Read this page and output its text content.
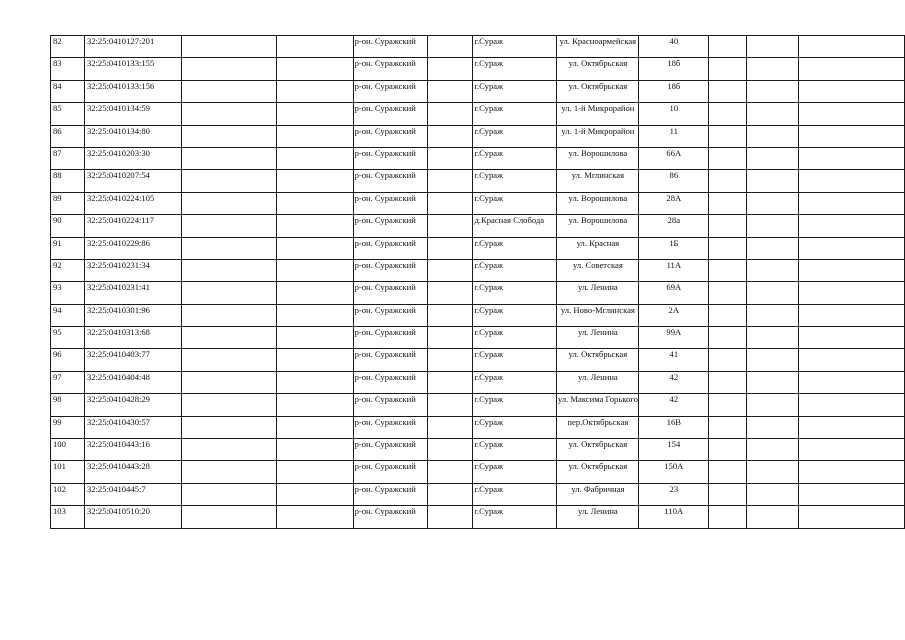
82	32:25:0410127:201			р-он. Суражский		г.Сураж	ул. Красноармейская	40			
83	32:25:0410133:155			р-он. Суражский		г.Сураж	ул. Октябрьская	18б			
84	32:25:0410133:156			р-он. Суражский		г.Сураж	ул. Октябрьская	18б			
85	32:25:0410134:59			р-он. Суражский		г.Сураж	ул. 1-й Микрорайон	10			
86	32:25:0410134:80			р-он. Суражский		г.Сураж	ул. 1-й Микрорайон	11			
87	32:25:0410203:30			р-он. Суражский		г.Сураж	ул. Ворошилова	66А			
88	32:25:0410207:54			р-он. Суражский		г.Сураж	ул. Мглинская	86			
89	32:25:0410224:105			р-он. Суражский		г.Сураж	ул. Ворошилова	28А			
90	32:25:0410224:117			р-он. Суражский		д.Красная Слобода	ул. Ворошилова	28а			
91	32:25:0410229:86			р-он. Суражский		г.Сураж	ул. Красная	1Б			
92	32:25:0410231:34			р-он. Суражский		г.Сураж	ул. Советская	11А			
93	32:25:0410231:41			р-он. Суражский		г.Сураж	ул. Ленина	69А			
94	32:25:0410301:96			р-он. Суражский		г.Сураж	ул. Ново-Мглинская	2А			
95	32:25:0410313:68			р-он. Суражский		г.Сураж	ул. Ленина	99А			
96	32:25:0410403:77			р-он. Суражский		г.Сураж	ул. Октябрьская	41			
97	32:25:0410404:48			р-он. Суражский		г.Сураж	ул. Ленина	42			
98	32:25:0410428:29			р-он. Суражский		г.Сураж	ул. Максима Горького	42			
99	32:25:0410430:57			р-он. Суражский		г.Сураж	пер.Октябрьская	16В			
100	32:25:0410443:16			р-он. Суражский		г.Сураж	ул. Октябрьская	154			
101	32:25:0410443:28			р-он. Суражский		г.Сураж	ул. Октябрьская	150А			
102	32:25:0410445:7			р-он. Суражский		г.Сураж	ул. Фабричная	23			
103	32:25:0410510:20			р-он. Суражский		г.Сураж	ул. Ленина	110А			
